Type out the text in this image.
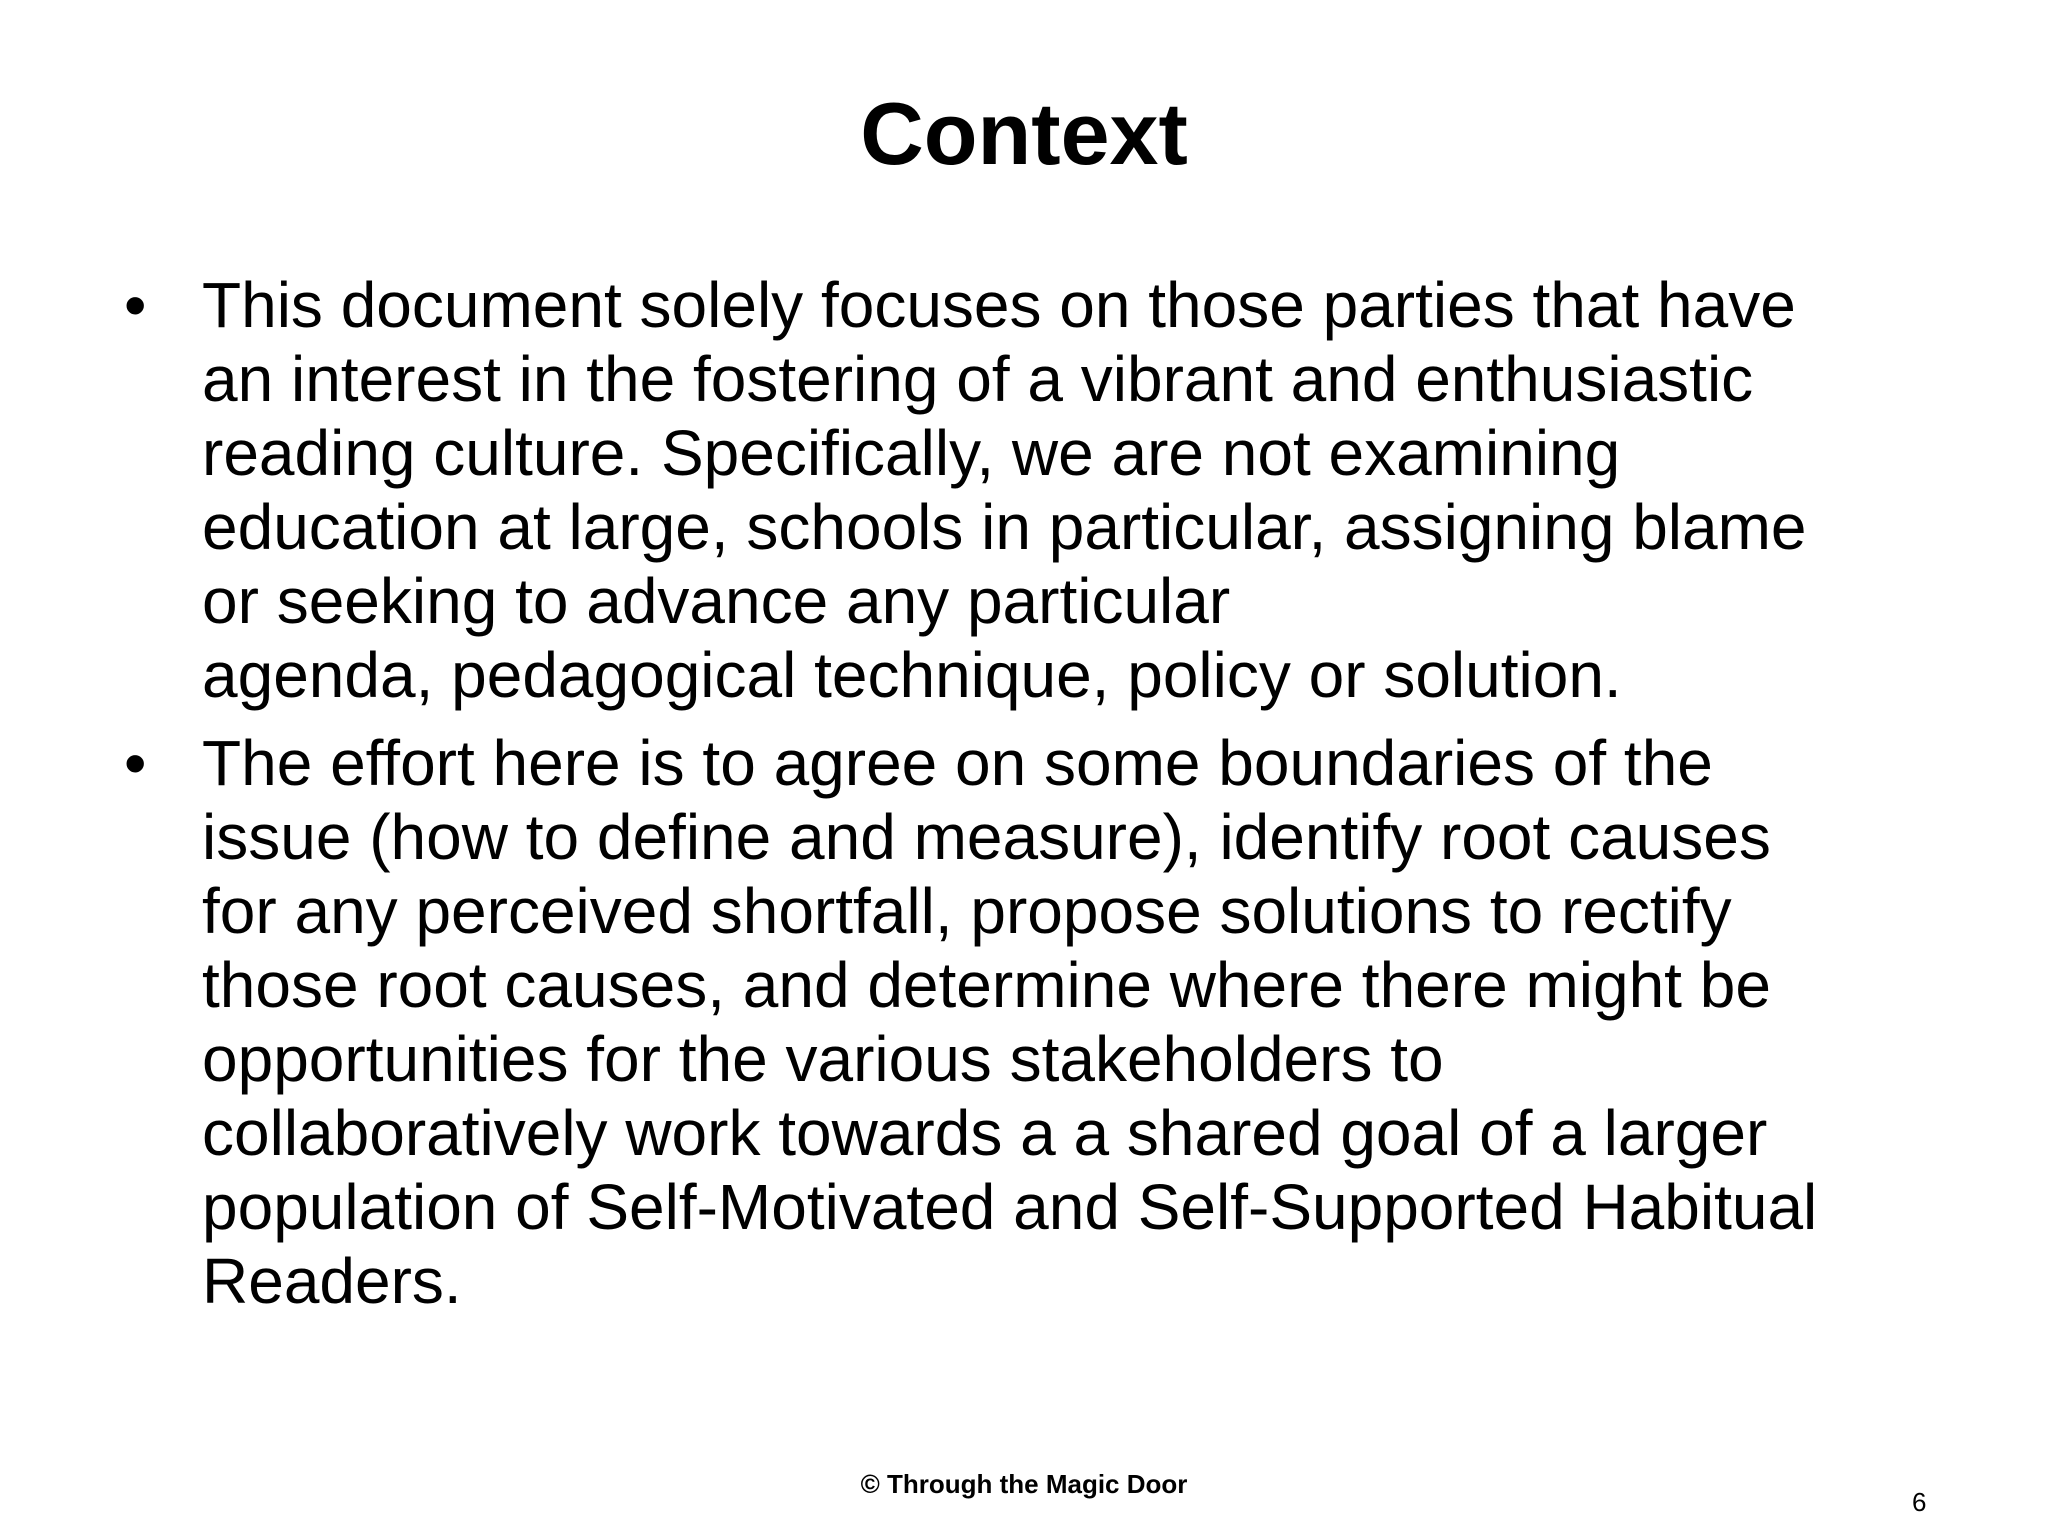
Context
• This document solely focuses on those parties that have
an interest in the fostering of a vibrant and enthusiastic
reading culture. Specifically, we are not examining
education at large, schools in particular, assigning blame
or seeking to advance any particular
agenda, pedagogical technique, policy or solution.
• The effort here is to agree on some boundaries of the
issue (how to define and measure), identify root causes
for any perceived shortfall, propose solutions to rectify
those root causes, and determine where there might be
opportunities for the various stakeholders to
collaboratively work towards a a shared goal of a larger
population of Self-Motivated and Self-Supported Habitual
Readers.
© Through the Magic Door
6
